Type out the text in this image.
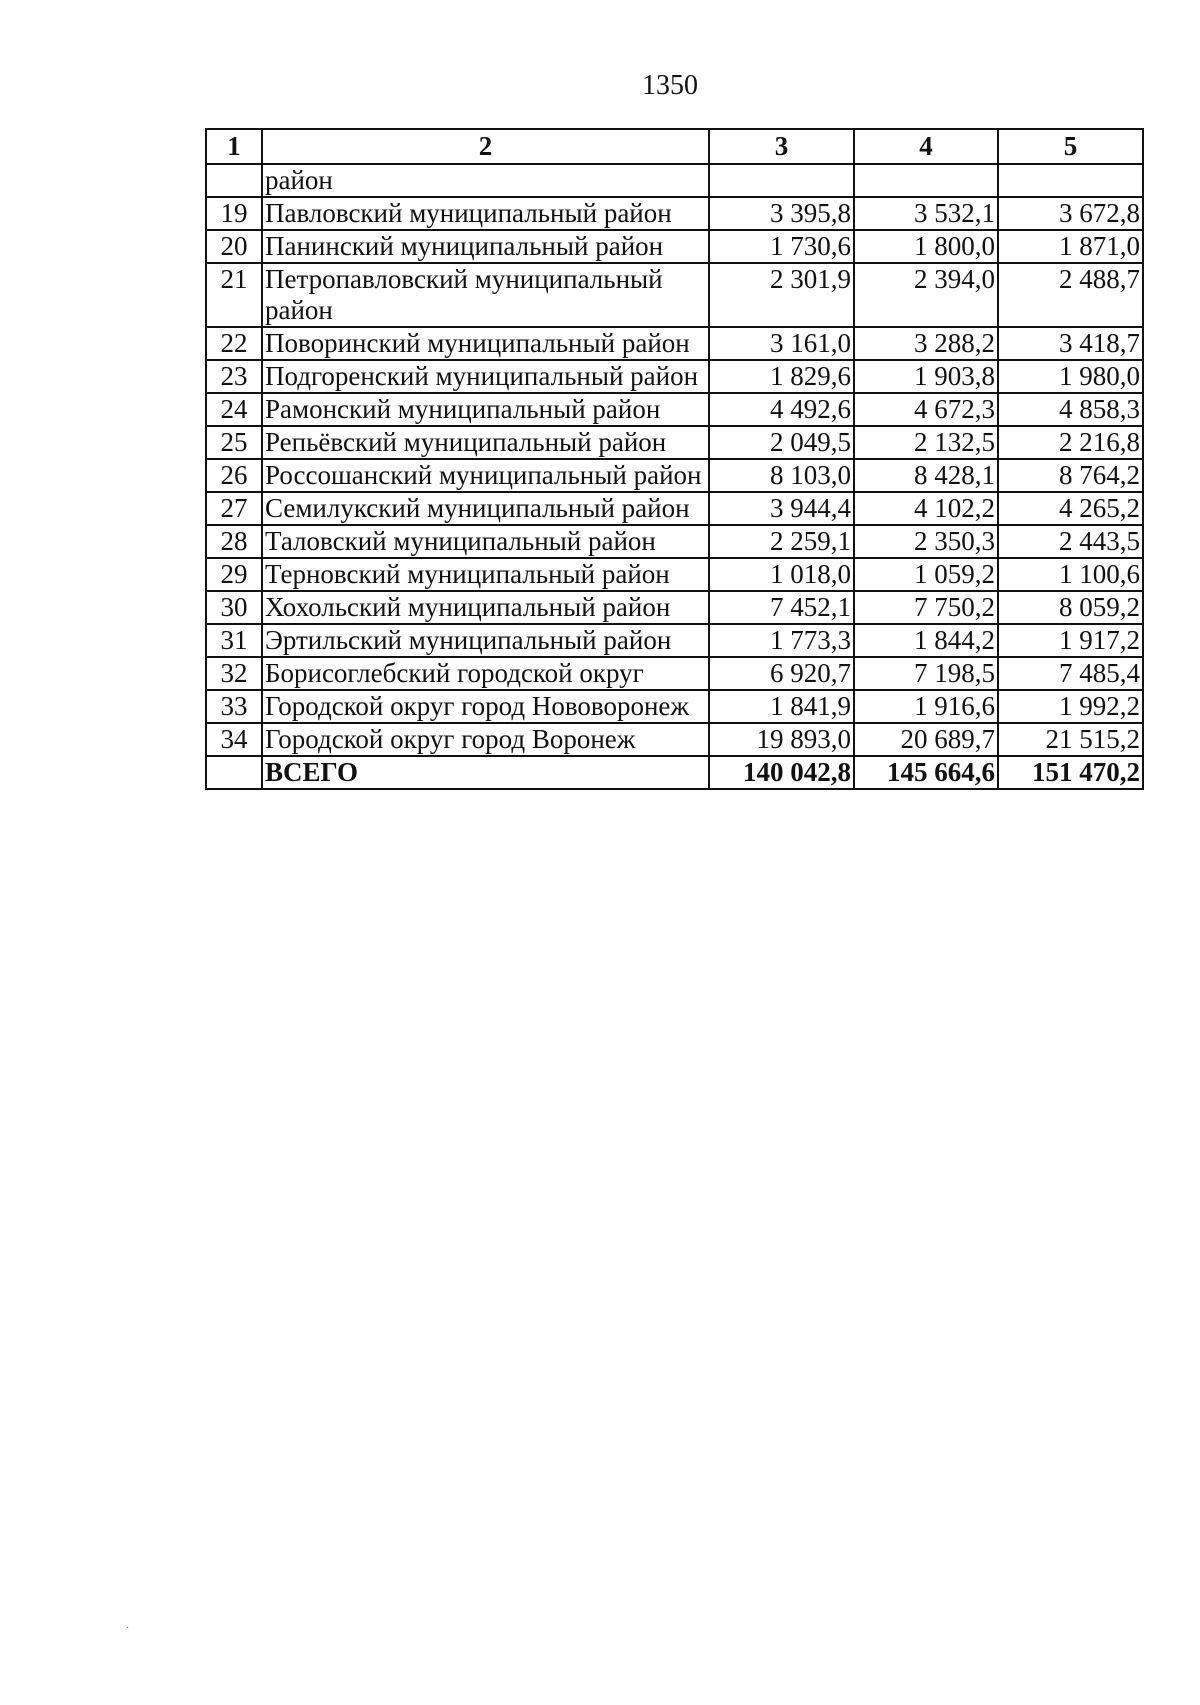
1350
1	2	3	4	5
	район			
19	Павловский муниципальный район	3 395,8	3 532,1	3 672,8
20	Панинский муниципальный район	1 730,6	1 800,0	1 871,0
21	Петропавловский муниципальный район	2 301,9	2 394,0	2 488,7
22	Поворинский муниципальный район	3 161,0	3 288,2	3 418,7
23	Подгоренский муниципальный район	1 829,6	1 903,8	1 980,0
24	Рамонский муниципальный район	4 492,6	4 672,3	4 858,3
25	Репьёвский муниципальный район	2 049,5	2 132,5	2 216,8
26	Россошанский муниципальный район	8 103,0	8 428,1	8 764,2
27	Семилукский муниципальный район	3 944,4	4 102,2	4 265,2
28	Таловский муниципальный район	2 259,1	2 350,3	2 443,5
29	Терновский муниципальный район	1 018,0	1 059,2	1 100,6
30	Хохольский муниципальный район	7 452,1	7 750,2	8 059,2
31	Эртильский муниципальный район	1 773,3	1 844,2	1 917,2
32	Борисоглебский городской округ	6 920,7	7 198,5	7 485,4
33	Городской округ город Нововоронеж	1 841,9	1 916,6	1 992,2
34	Городской округ город Воронеж	19 893,0	20 689,7	21 515,2
	ВСЕГО	140 042,8	145 664,6	151 470,2
·
